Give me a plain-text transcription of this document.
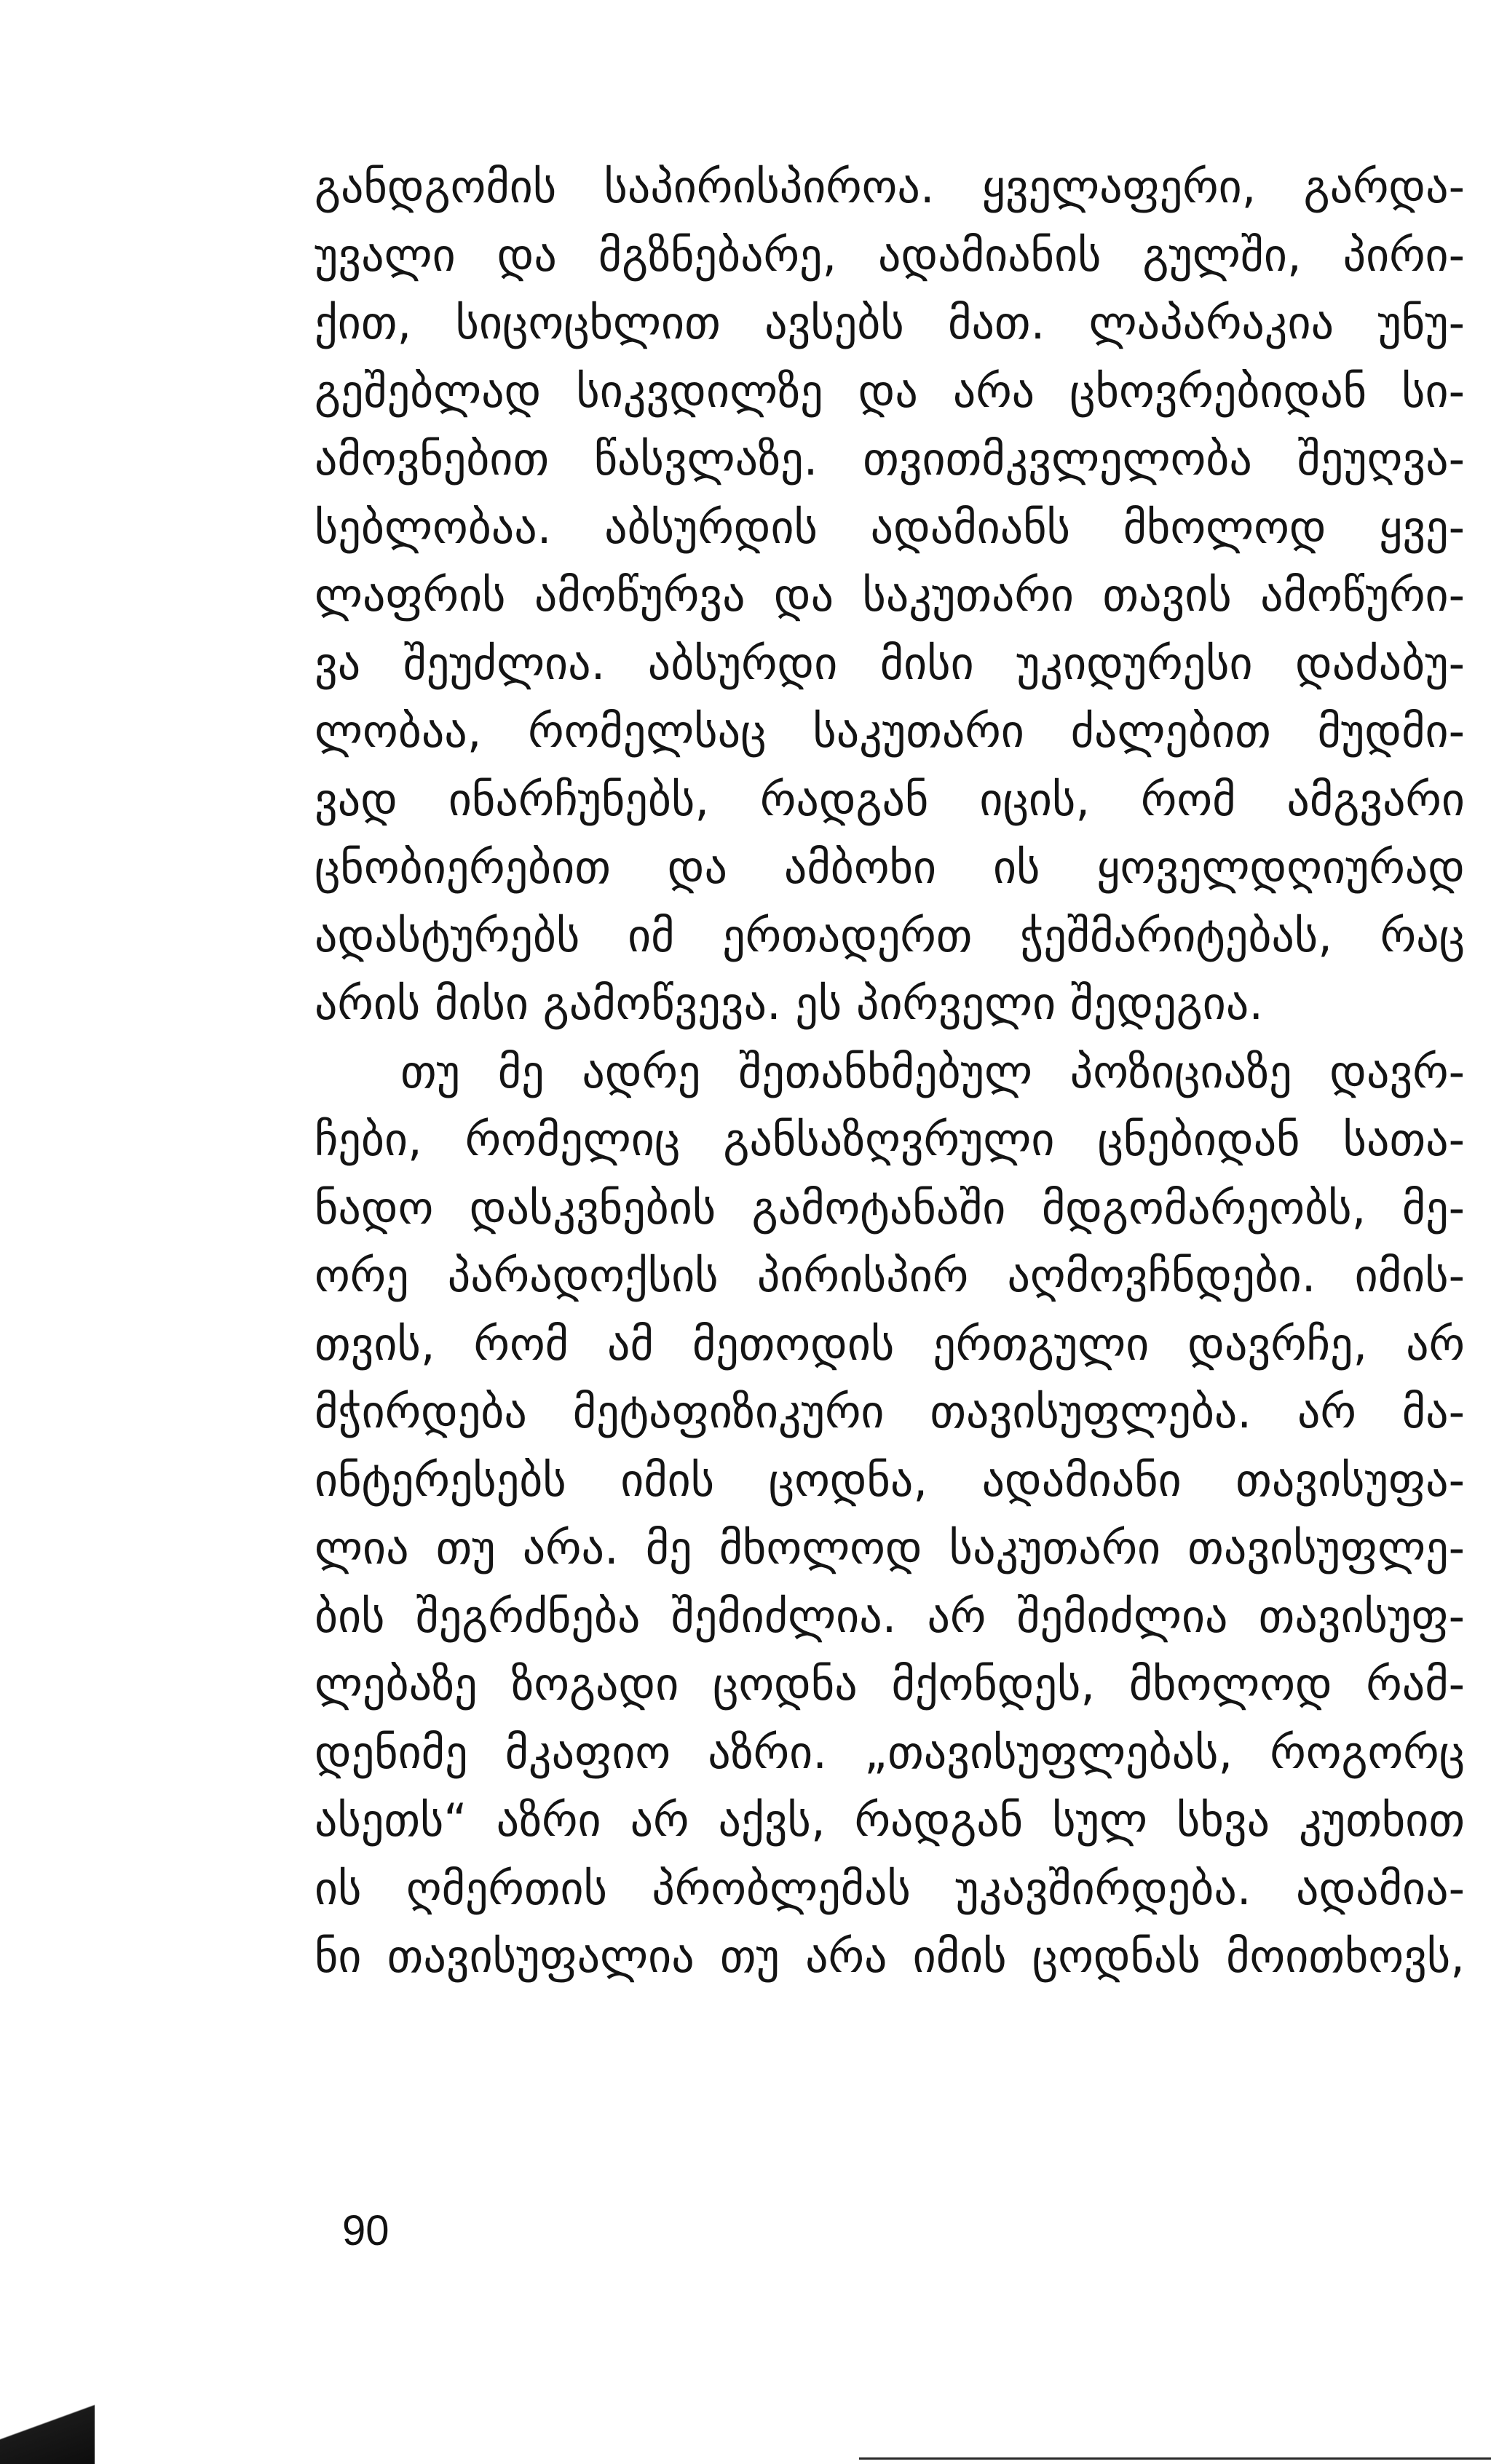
განდგომის საპირისპიროა. ყველაფერი, გარდა-
უვალი და მგზნებარე, ადამიანის გულში, პირი-
ქით, სიცოცხლით ავსებს მათ. ლაპარაკია უნუ-
გეშებლად სიკვდილზე და არა ცხოვრებიდან სი-
ამოვნებით წასვლაზე. თვითმკვლელობა შეუღვა-
სებლობაა. აბსურდის ადამიანს მხოლოდ ყვე-
ლაფრის ამოწურვა და საკუთარი თავის ამოწური-
ვა შეუძლია. აბსურდი მისი უკიდურესი დაძაბუ-
ლობაა, რომელსაც საკუთარი ძალებით მუდმი-
ვად ინარჩუნებს, რადგან იცის, რომ ამგვარი
ცნობიერებით და ამბოხი ის ყოველდღიურად
ადასტურებს იმ ერთადერთ ჭეშმარიტებას, რაც
არის მისი გამოწვევა. ეს პირველი შედეგია.
თუ მე ადრე შეთანხმებულ პოზიციაზე დავრ-
ჩები, რომელიც განსაზღვრული ცნებიდან სათა-
ნადო დასკვნების გამოტანაში მდგომარეობს, მე-
ორე პარადოქსის პირისპირ აღმოვჩნდები. იმის-
თვის, რომ ამ მეთოდის ერთგული დავრჩე, არ
მჭირდება მეტაფიზიკური თავისუფლება. არ მა-
ინტერესებს იმის ცოდნა, ადამიანი თავისუფა-
ლია თუ არა. მე მხოლოდ საკუთარი თავისუფლე-
ბის შეგრძნება შემიძლია. არ შემიძლია თავისუფ-
ლებაზე ზოგადი ცოდნა მქონდეს, მხოლოდ რამ-
დენიმე მკაფიო აზრი. „თავისუფლებას, როგორც
ასეთს“ აზრი არ აქვს, რადგან სულ სხვა კუთხით
ის ღმერთის პრობლემას უკავშირდება. ადამია-
ნი თავისუფალია თუ არა იმის ცოდნას მოითხოვს,
90
